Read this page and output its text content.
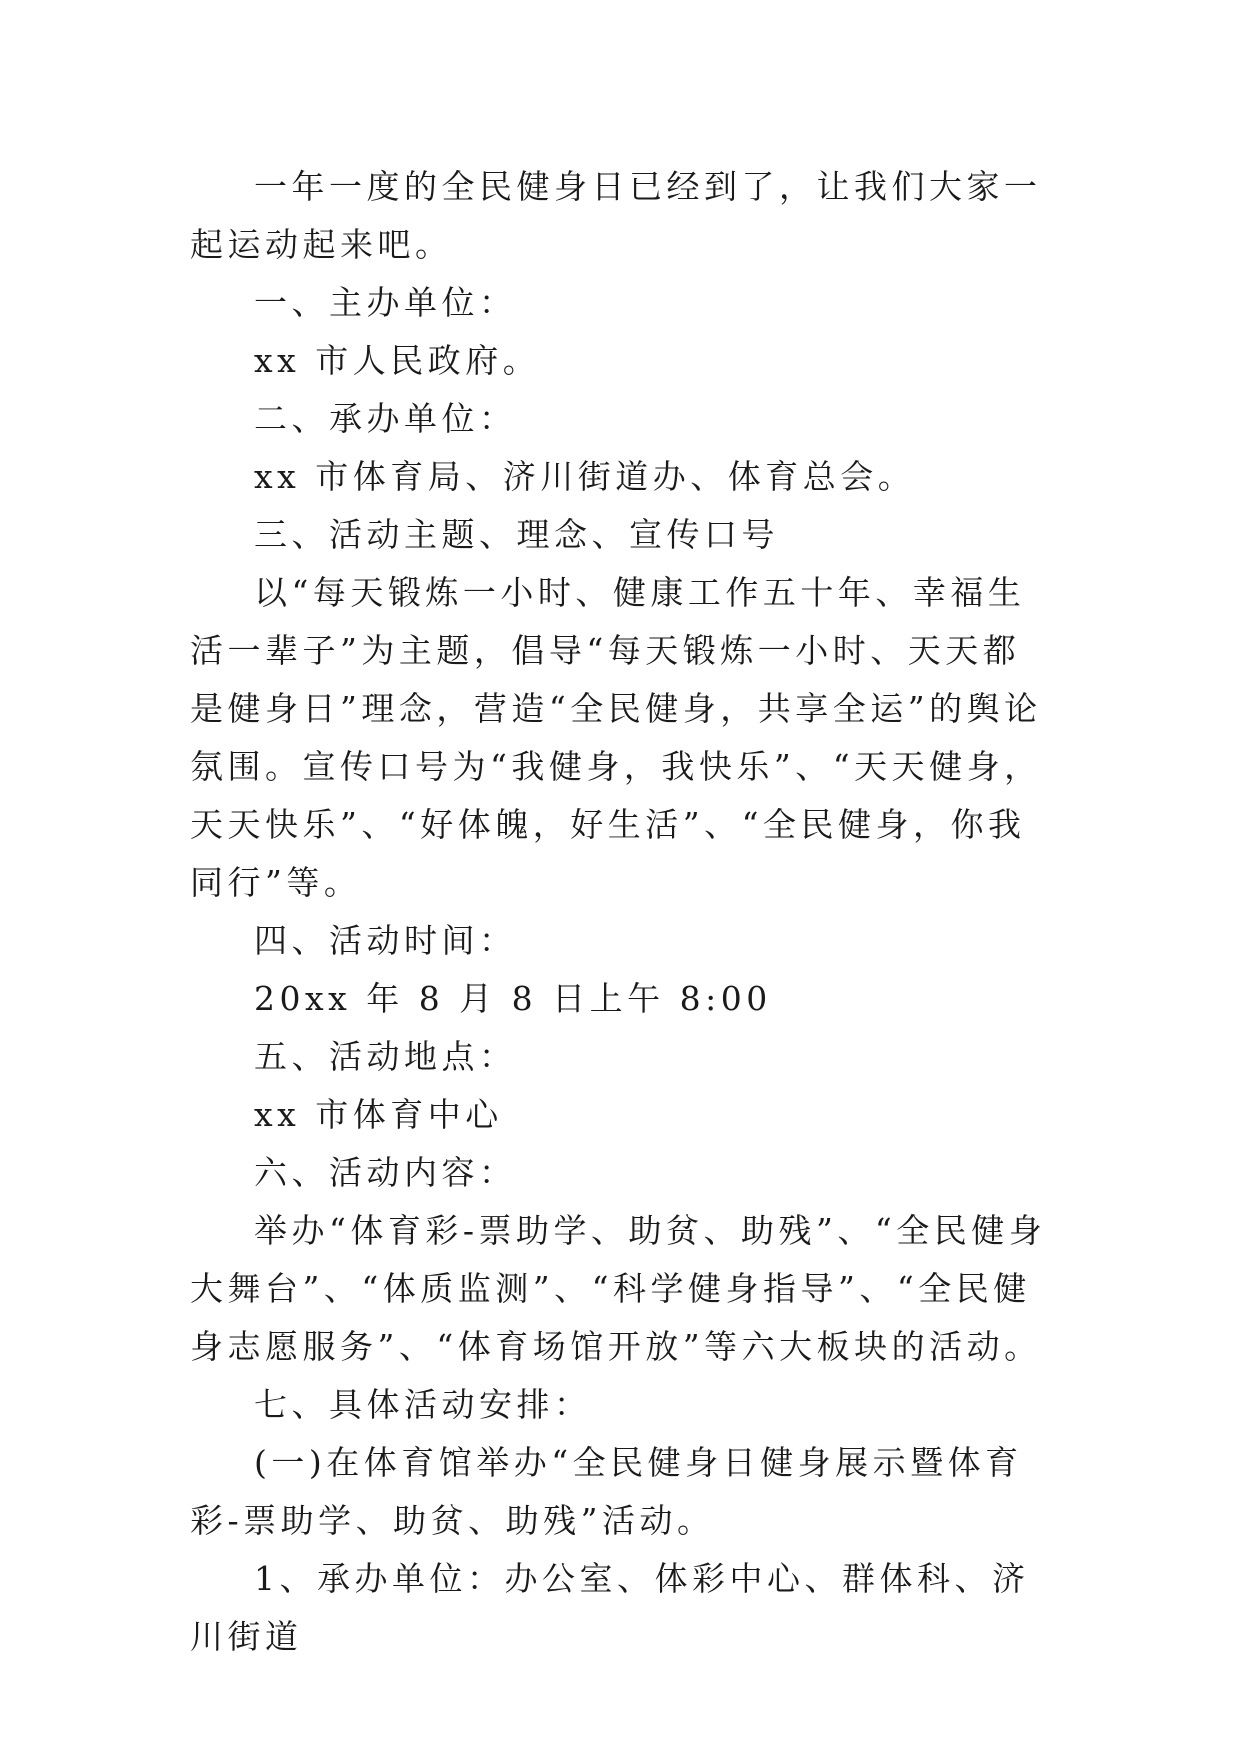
一年一度的全民健身日已经到了，让我们大家一起运动起来吧。

一、主办单位：

xx 市人民政府。

二、承办单位：

xx 市体育局、济川街道办、体育总会。

三、活动主题、理念、宣传口号

以“每天锻炼一小时、健康工作五十年、幸福生活一辈子”为主题，倡导“每天锻炼一小时、天天都是健身日”理念，营造“全民健身，共享全运”的舆论氛围。宣传口号为“我健身，我快乐”、“天天健身，天天快乐”、“好体魄，好生活”、“全民健身，你我同行”等。

四、活动时间：

20xx 年 8 月 8 日上午 8:00

五、活动地点：

xx 市体育中心

六、活动内容：

举办“体育彩-票助学、助贫、助残”、“全民健身大舞台”、“体质监测”、“科学健身指导”、“全民健身志愿服务”、“体育场馆开放”等六大板块的活动。

七、具体活动安排：

(一)在体育馆举办“全民健身日健身展示暨体育彩-票助学、助贫、助残”活动。

1、承办单位：办公室、体彩中心、群体科、济川街道
